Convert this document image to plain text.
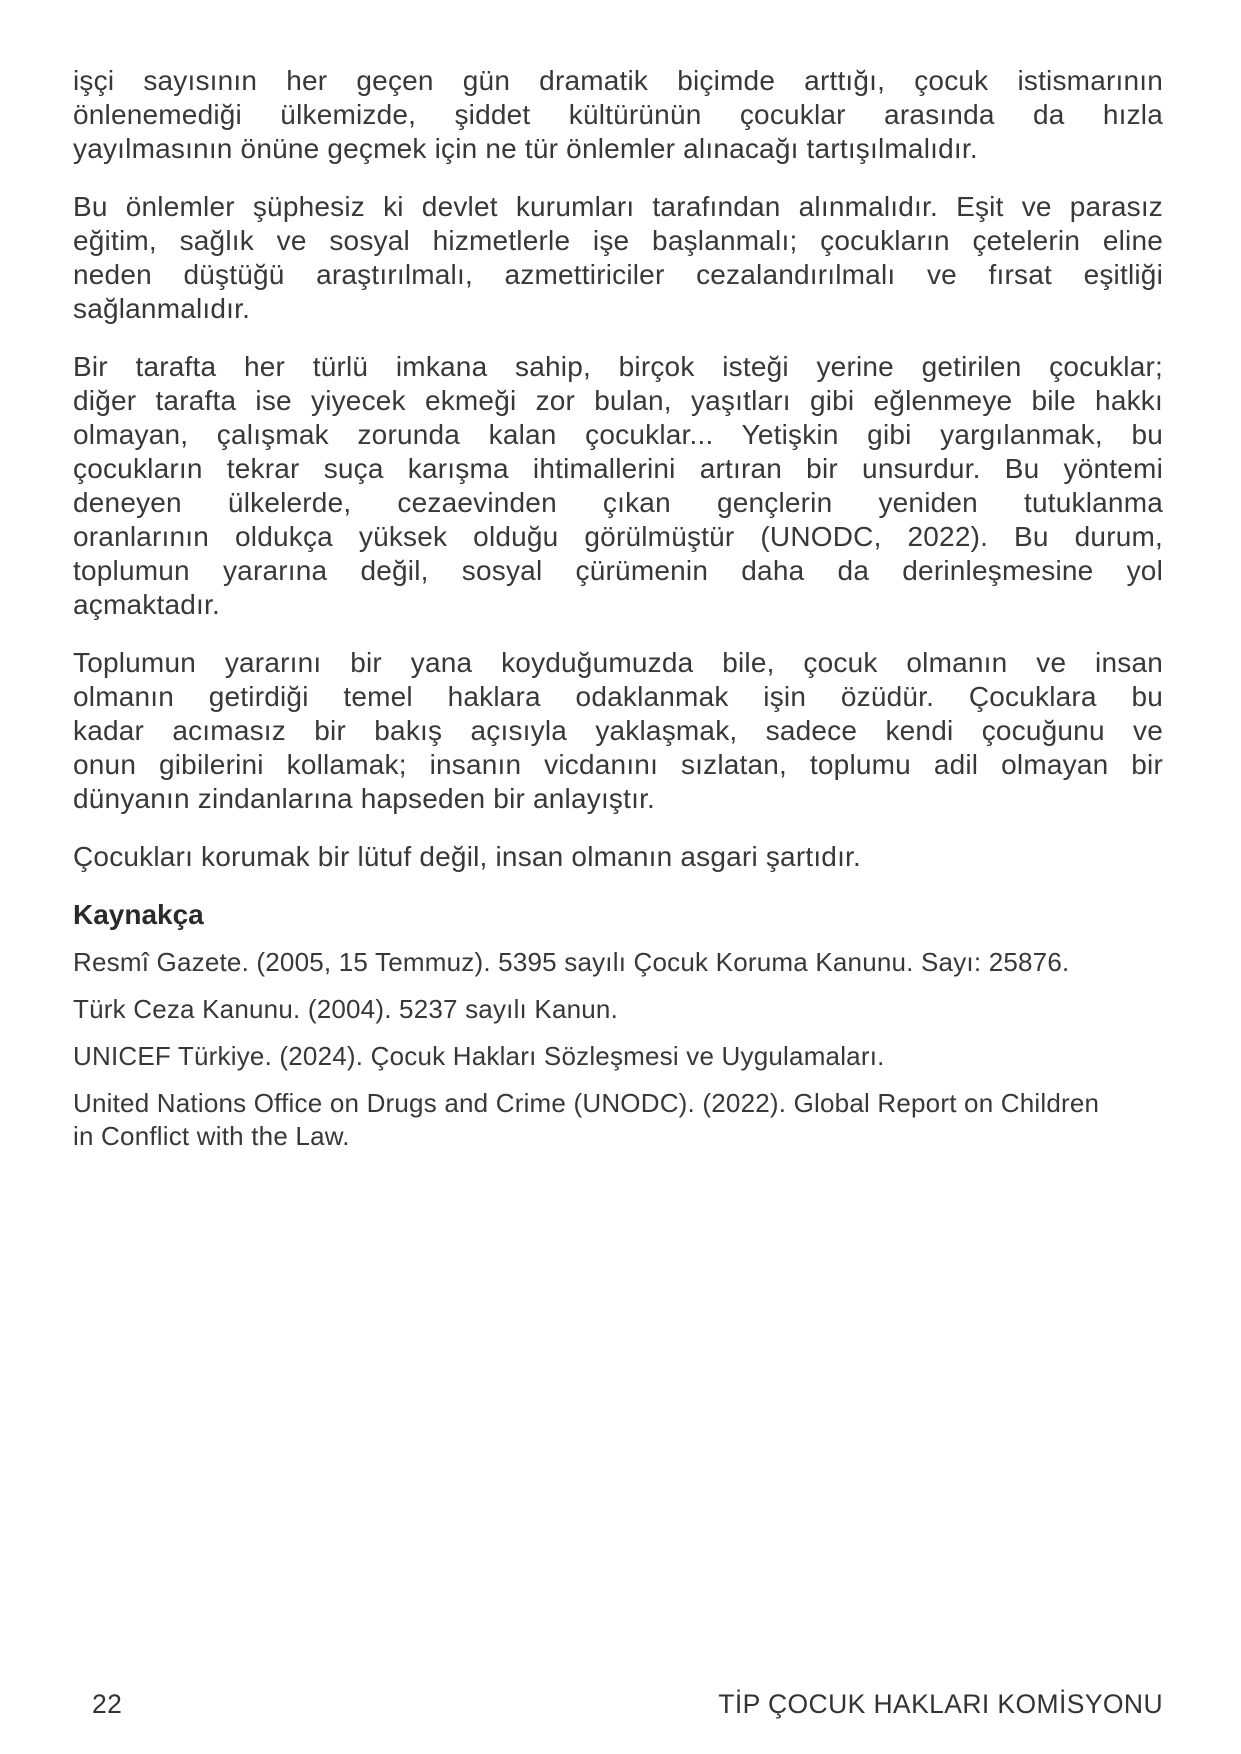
işçi sayısının her geçen gün dramatik biçimde arttığı, çocuk istismarının
önlenemediği ülkemizde, şiddet kültürünün çocuklar arasında da hızla
yayılmasının önüne geçmek için ne tür önlemler alınacağı tartışılmalıdır.
Bu önlemler şüphesiz ki devlet kurumları tarafından alınmalıdır. Eşit ve parasız
eğitim, sağlık ve sosyal hizmetlerle işe başlanmalı; çocukların çetelerin eline
neden düştüğü araştırılmalı, azmettiriciler cezalandırılmalı ve fırsat eşitliği
sağlanmalıdır.
Bir tarafta her türlü imkana sahip, birçok isteği yerine getirilen çocuklar;
diğer tarafta ise yiyecek ekmeği zor bulan, yaşıtları gibi eğlenmeye bile hakkı
olmayan, çalışmak zorunda kalan çocuklar... Yetişkin gibi yargılanmak, bu
çocukların tekrar suça karışma ihtimallerini artıran bir unsurdur. Bu yöntemi
deneyen ülkelerde, cezaevinden çıkan gençlerin yeniden tutuklanma
oranlarının oldukça yüksek olduğu görülmüştür (UNODC, 2022). Bu durum,
toplumun yararına değil, sosyal çürümenin daha da derinleşmesine yol
açmaktadır.
Toplumun yararını bir yana koyduğumuzda bile, çocuk olmanın ve insan
olmanın getirdiği temel haklara odaklanmak işin özüdür. Çocuklara bu
kadar acımasız bir bakış açısıyla yaklaşmak, sadece kendi çocuğunu ve
onun gibilerini kollamak; insanın vicdanını sızlatan, toplumu adil olmayan bir
dünyanın zindanlarına hapseden bir anlayıştır.
Çocukları korumak bir lütuf değil, insan olmanın asgari şartıdır.
Kaynakça
Resmî Gazete. (2005, 15 Temmuz). 5395 sayılı Çocuk Koruma Kanunu. Sayı: 25876.
Türk Ceza Kanunu. (2004). 5237 sayılı Kanun.
UNICEF Türkiye. (2024). Çocuk Hakları Sözleşmesi ve Uygulamaları.
United Nations Office on Drugs and Crime (UNODC). (2022). Global Report on Children
in Conflict with the Law.
22	TİP ÇOCUK HAKLARI KOMİSYONU
